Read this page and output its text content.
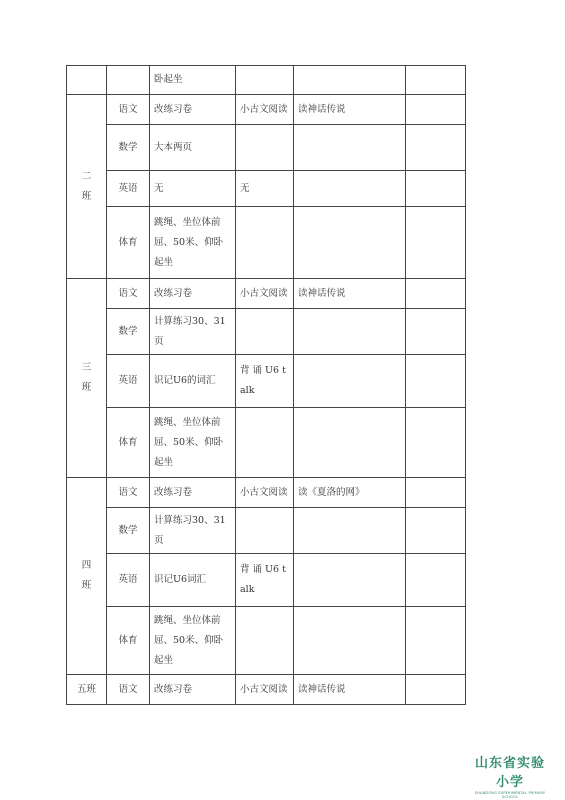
		卧起坐			
二
班	语文	改练习卷	小古文阅读	读神话传说	
	数学	大本两页			
	英语	无	无		
	体育	跳绳、坐位体前屈、50米、仰卧起坐			
三
班	语文	改练习卷	小古文阅读	读神话传说	
	数学	计算练习30、31页			
	英语	识记U6的词汇	背 诵 U6 talk		
	体育	跳绳、坐位体前屈、50米、仰卧起坐			
四
班	语文	改练习卷	小古文阅读	读《夏洛的网》	
	数学	计算练习30、31页			
	英语	识记U6词汇	背 诵 U6 talk		
	体育	跳绳、坐位体前屈、50米、仰卧起坐			
五班	语文	改练习卷	小古文阅读	读神话传说	
山东省实验小学
SHANDONG EXPERIMENTAL PRIMARY SCHOOL
